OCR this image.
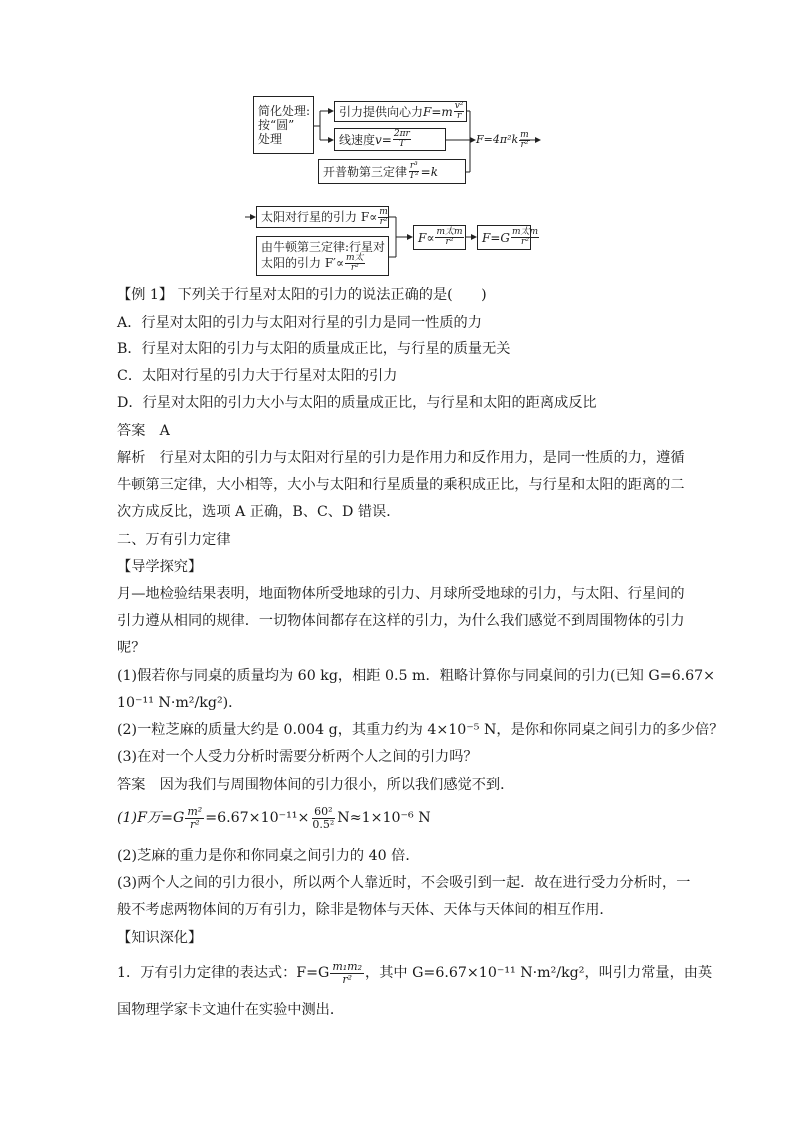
简化处理:
按“圆”
处理
引力提供向心力 $F=m \frac{\text{v²}}{r}$
线速度 $v= \frac{2\pi r}{T}$
开普勒第三定律 $\frac{\text{r³}}{\text{T²}} =k$
$F=4\pi^2k \frac{m}{\text{r²}}$
太阳对行星的引力 $F\propto \frac{m}{\text{r²}}$
由牛顿第三定律:行星对
太阳的引力 $F'\propto \frac{\text{m太}}{\text{r²}}$
$F\propto \frac{\text{m太m}}{\text{r²}} F=G \frac{\text{m太m}}{\text{r²}}$
【例 1】 下列关于行星对太阳的引力的说法正确的是(　　)
A．行星对太阳的引力与太阳对行星的引力是同一性质的力
B．行星对太阳的引力与太阳的质量成正比，与行星的质量无关
C．太阳对行星的引力大于行星对太阳的引力
D．行星对太阳的引力大小与太阳的质量成正比，与行星和太阳的距离成反比
答案　A
解析　行星对太阳的引力与太阳对行星的引力是作用力和反作用力，是同一性质的力，遵循
牛顿第三定律，大小相等，大小与太阳和行星质量的乘积成正比，与行星和太阳的距离的二
次方成反比，选项 A 正确，B、C、D 错误．
二、万有引力定律
【导学探究】
月—地检验结果表明，地面物体所受地球的引力、月球所受地球的引力，与太阳、行星间的
引力遵从相同的规律．一切物体间都存在这样的引力，为什么我们感觉不到周围物体的引力
呢？
(1)假若你与同桌的质量均为 60 kg，相距 0.5 m．粗略计算你与同桌间的引力(已知 G=6.67×
10⁻¹¹ N·m²/kg²)．
(2)一粒芝麻的质量大约是 0.004 g，其重力约为 4×10⁻⁵ N，是你和你同桌之间引力的多少倍？
(3)在对一个人受力分析时需要分析两个人之间的引力吗？
答案　因为我们与周围物体间的引力很小，所以我们感觉不到．
(1)F万$=G \frac{\text{m²}}{\text{r²}} =6.67\times 10^{-11}\times \frac{\text{60²}}{\text{0.5²}} N\approx 1\times 10^{-6}$ N
(2)芝麻的重力是你和你同桌之间引力的 40 倍．
(3)两个人之间的引力很小，所以两个人靠近时，不会吸引到一起．故在进行受力分析时，一
般不考虑两物体间的万有引力，除非是物体与天体、天体与天体间的相互作用．
【知识深化】
1．万有引力定律的表达式：F=G m₁m₂
r² ，其中 G=6.67×10⁻¹¹ N·m²/kg²，叫引力常量，由英
国物理学家卡文迪什在实验中测出．
